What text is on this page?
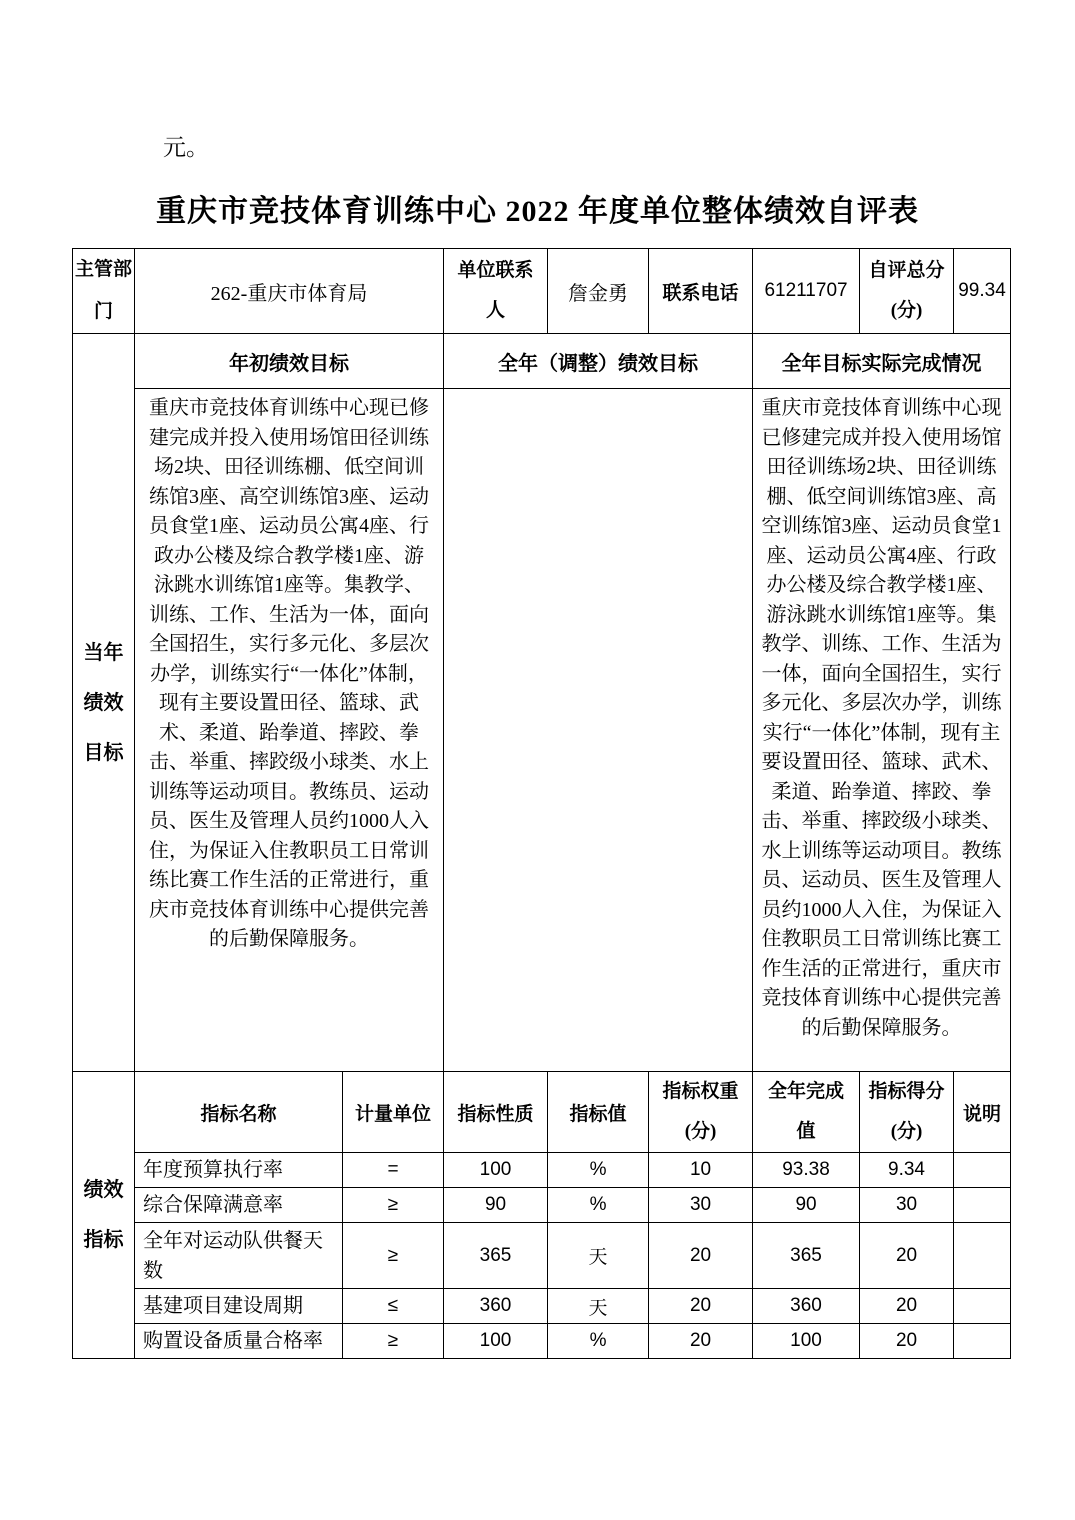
元。
重庆市竞技体育训练中心 2022 年度单位整体绩效自评表
主管部门	262-重庆市体育局		单位联系人	詹金勇	联系电话	61211707	自评总分(分)	99.34
当年绩效目标	年初绩效目标		全年（调整）绩效目标			全年目标实际完成情况		
重庆市竞技体育训练中心现已修建完成并投入使用场馆田径训练场2块、田径训练棚、低空间训练馆3座、高空训练馆3座、运动员食堂1座、运动员公寓4座、行政办公楼及综合教学楼1座、游泳跳水训练馆1座等。集教学、训练、工作、生活为一体，面向全国招生，实行多元化、多层次办学，训练实行“一体化”体制，现有主要设置田径、篮球、武术、柔道、跆拳道、摔跤、拳击、举重、摔跤级小球类、水上训练等运动项目。教练员、运动员、医生及管理人员约1000人入住，为保证入住教职员工日常训练比赛工作生活的正常进行，重庆市竞技体育训练中心提供完善的后勤保障服务。		重庆市竞技体育训练中心现已修建完成并投入使用场馆田径训练场2块、田径训练棚、低空间训练馆3座、高空训练馆3座、运动员食堂1座、运动员公寓4座、行政办公楼及综合教学楼1座、游泳跳水训练馆1座等。集教学、训练、工作、生活为一体，面向全国招生，实行多元化、多层次办学，训练实行“一体化”体制，现有主要设置田径、篮球、武术、柔道、跆拳道、摔跤、拳击、举重、摔跤级小球类、水上训练等运动项目。教练员、运动员、医生及管理人员约1000人入住，为保证入住教职员工日常训练比赛工作生活的正常进行，重庆市竞技体育训练中心提供完善的后勤保障服务。
绩效指标	指标名称	计量单位	指标性质	指标值	指标权重(分)	全年完成值	指标得分(分)	说明
	年度预算执行率	=	100	%	10	93.38	9.34	
	综合保障满意率	≥	90	%	30	90	30	
	全年对运动队供餐天数	≥	365	天	20	365	20	
	基建项目建设周期	≤	360	天	20	360	20	
	购置设备质量合格率	≥	100	%	20	100	20	
